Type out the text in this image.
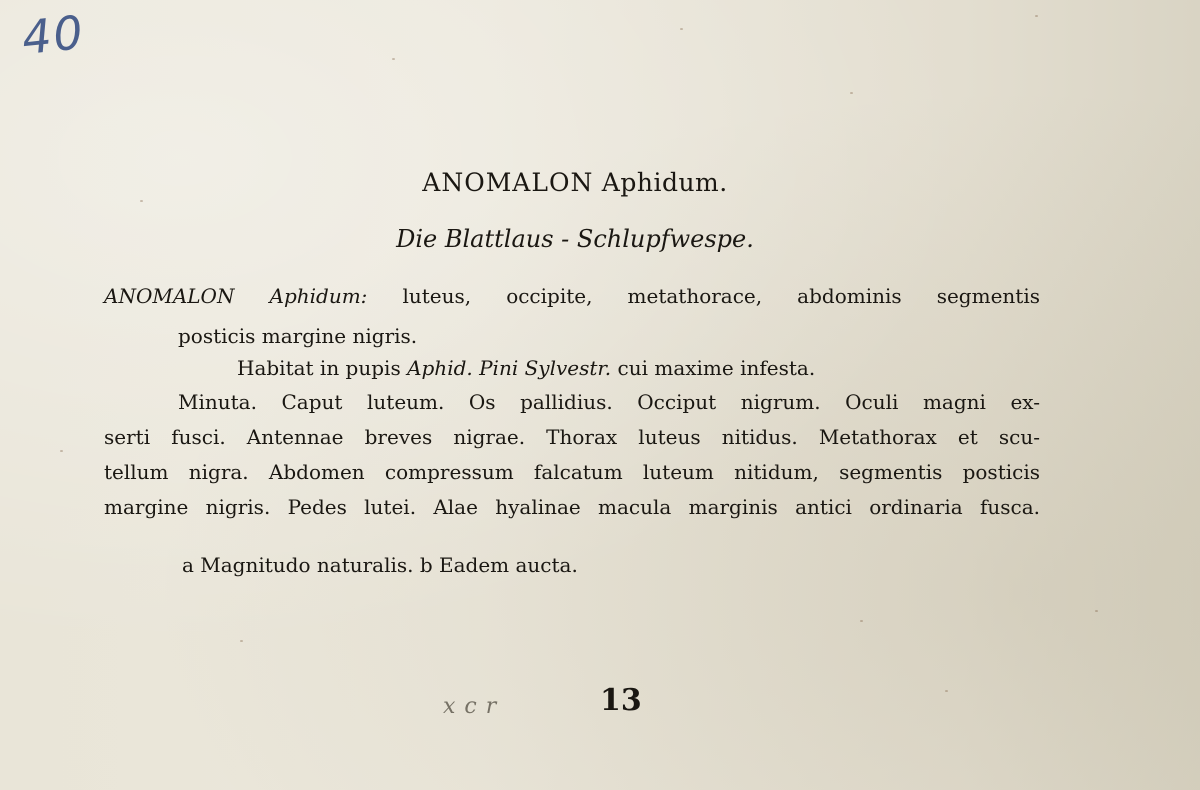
40
ANOMALON Aphidum.
Die Blattlaus - Schlupfwespe.
ANOMALON Aphidum: luteus, occipite, metathorace, abdominis segmentis
posticis margine nigris.
Habitat in pupis Aphid. Pini Sylvestr. cui maxime infesta.
Minuta. Caput luteum. Os pallidius. Occiput nigrum. Oculi magni ex-
serti fusci. Antennae breves nigrae. Thorax luteus nitidus. Metathorax et scu-
tellum nigra. Abdomen compressum falcatum luteum nitidum, segmentis posticis
margine nigris. Pedes lutei. Alae hyalinae macula marginis antici ordinaria fusca.
a Magnitudo naturalis. b Eadem aucta.
x c r	13
